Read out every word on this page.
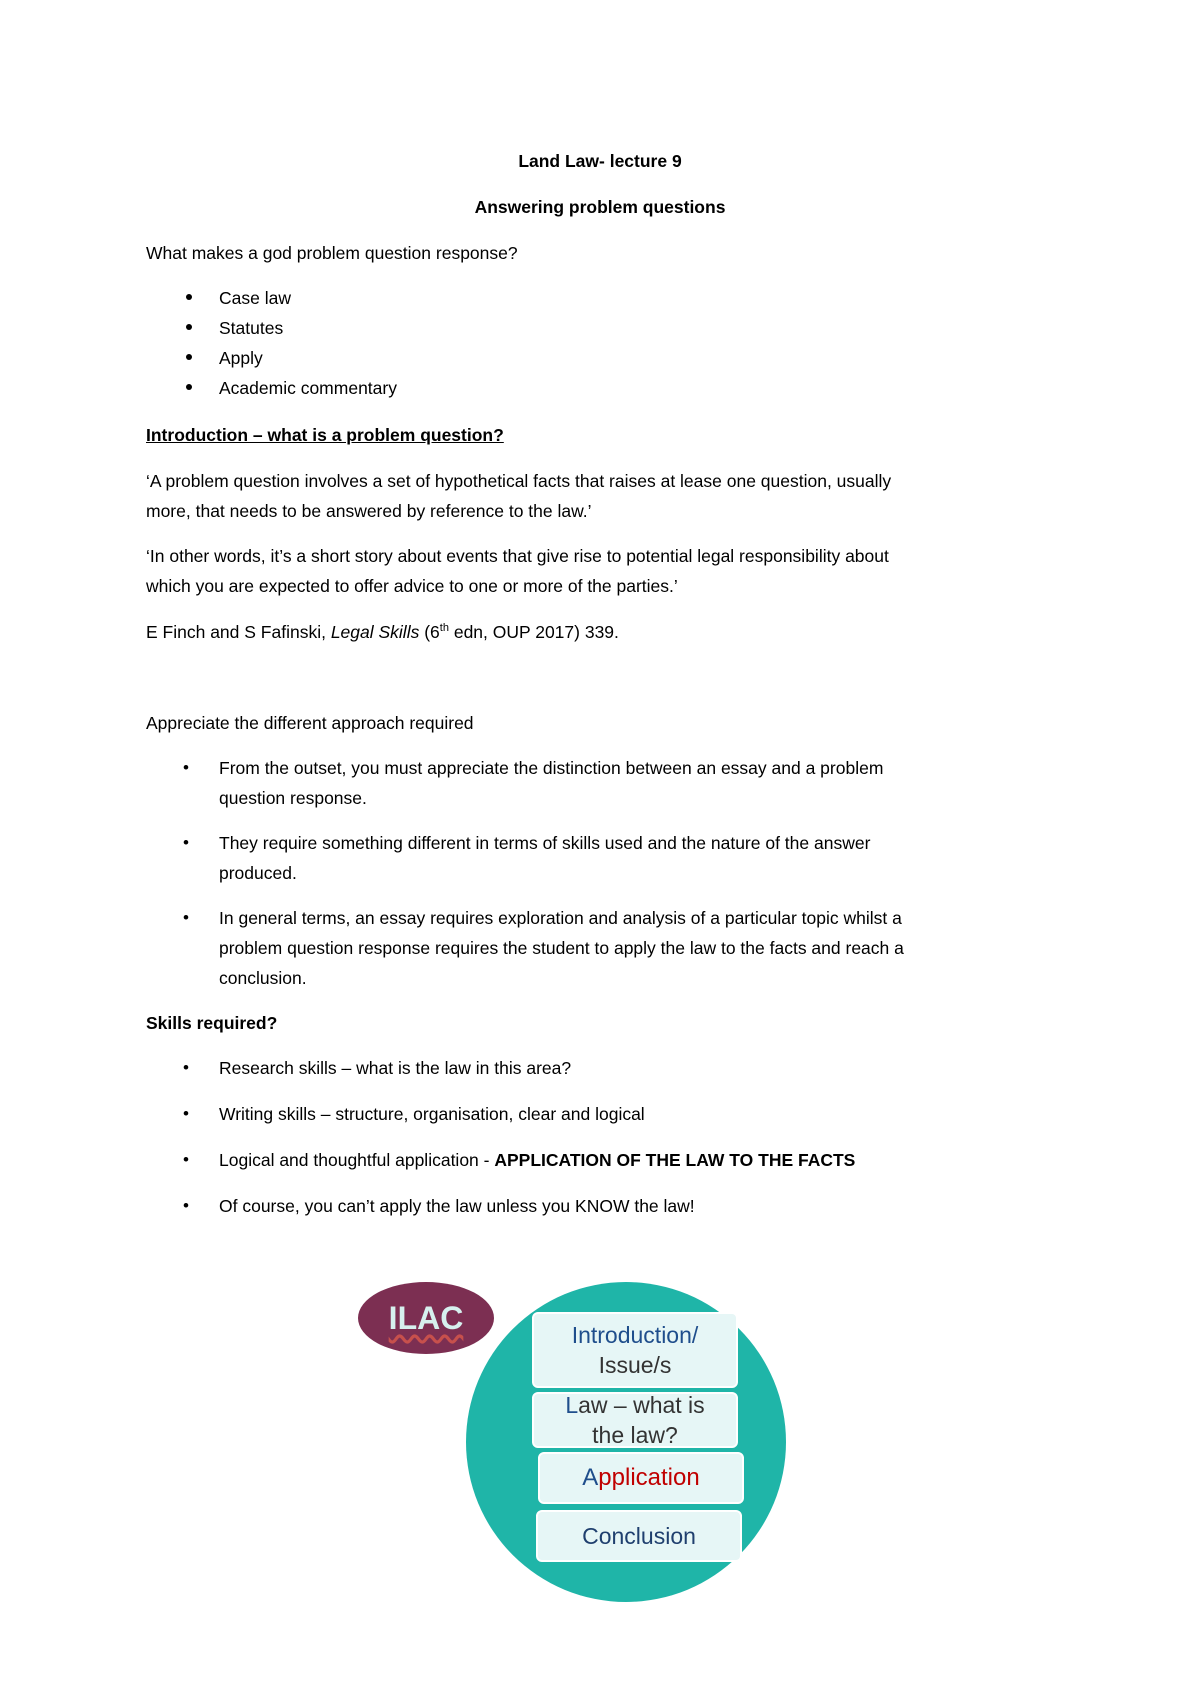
Land Law- lecture 9
Answering problem questions
What makes a god problem question response?
Case law
Statutes
Apply
Academic commentary
Introduction – what is a problem question?
‘A problem question involves a set of hypothetical facts that raises at lease one question, usually
more, that needs to be answered by reference to the law.’
‘In other words, it’s a short story about events that give rise to potential legal responsibility about
which you are expected to offer advice to one or more of the parties.’
E Finch and S Fafinski, Legal Skills (6th edn, OUP 2017) 339.
Appreciate the different approach required
• From the outset, you must appreciate the distinction between an essay and a problem
question response.
• They require something different in terms of skills used and the nature of the answer
produced.
• In general terms, an essay requires exploration and analysis of a particular topic whilst a
problem question response requires the student to apply the law to the facts and reach a
conclusion.
Skills required?
• Research skills – what is the law in this area?
• Writing skills – structure, organisation, clear and logical
• Logical and thoughtful application - APPLICATION OF THE LAW TO THE FACTS
• Of course, you can’t apply the law unless you KNOW the law!
ILAC	Introduction/
Issue/s
Law – what is
the law?
Application
Conclusion
